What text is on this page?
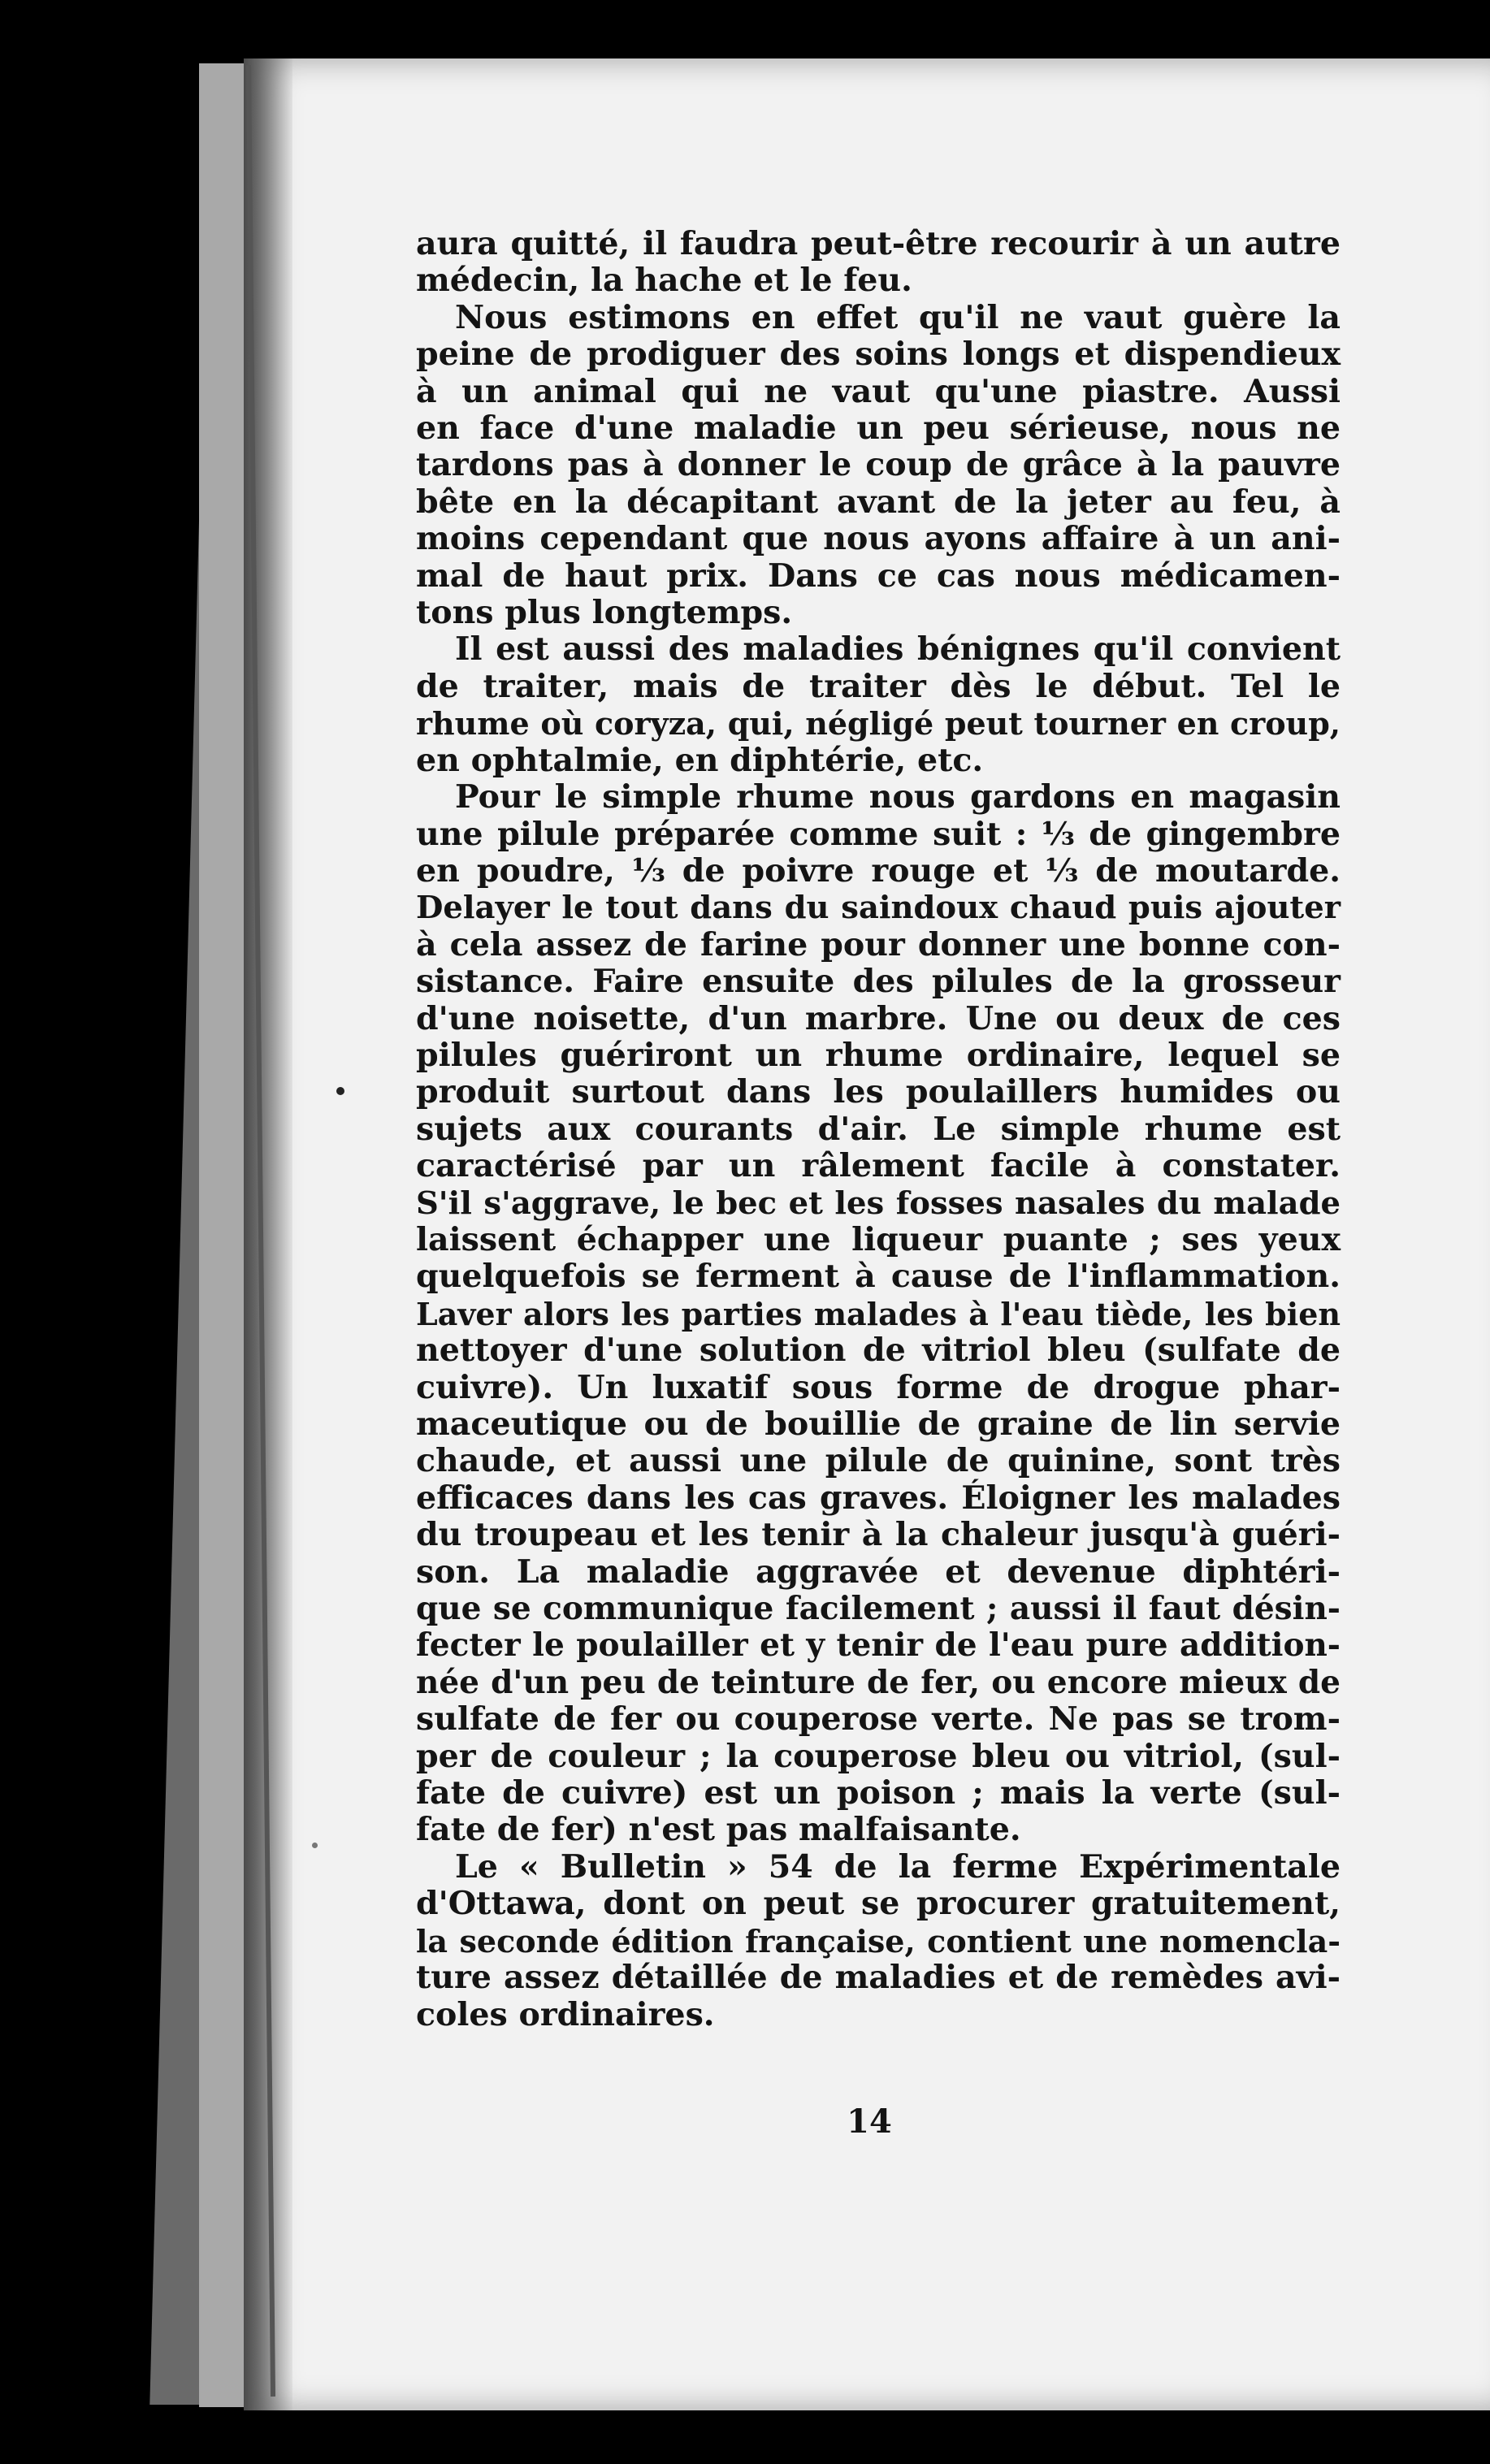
aura quitté, il faudra peut-être recourir à un autre
médecin, la hache et le feu.
Nous estimons en effet qu'il ne vaut guère la
peine de prodiguer des soins longs et dispendieux
à un animal qui ne vaut qu'une piastre. Aussi
en face d'une maladie un peu sérieuse, nous ne
tardons pas à donner le coup de grâce à la pauvre
bête en la décapitant avant de la jeter au feu, à
moins cependant que nous ayons affaire à un ani-
mal de haut prix. Dans ce cas nous médicamen-
tons plus longtemps.
Il est aussi des maladies bénignes qu'il convient
de traiter, mais de traiter dès le début. Tel le
rhume où coryza, qui, négligé peut tourner en croup,
en ophtalmie, en diphtérie, etc.
Pour le simple rhume nous gardons en magasin
une pilule préparée comme suit : ⅓ de gingembre
en poudre, ⅓ de poivre rouge et ⅓ de moutarde.
Delayer le tout dans du saindoux chaud puis ajouter
à cela assez de farine pour donner une bonne con-
sistance. Faire ensuite des pilules de la grosseur
d'une noisette, d'un marbre. Une ou deux de ces
pilules guériront un rhume ordinaire, lequel se
produit surtout dans les poulaillers humides ou
sujets aux courants d'air. Le simple rhume est
caractérisé par un râlement facile à constater.
S'il s'aggrave, le bec et les fosses nasales du malade
laissent échapper une liqueur puante ; ses yeux
quelquefois se ferment à cause de l'inflammation.
Laver alors les parties malades à l'eau tiède, les bien
nettoyer d'une solution de vitriol bleu (sulfate de
cuivre). Un luxatif sous forme de drogue phar-
maceutique ou de bouillie de graine de lin servie
chaude, et aussi une pilule de quinine, sont très
efficaces dans les cas graves. Éloigner les malades
du troupeau et les tenir à la chaleur jusqu'à guéri-
son. La maladie aggravée et devenue diphtéri-
que se communique facilement ; aussi il faut désin-
fecter le poulailler et y tenir de l'eau pure addition-
née d'un peu de teinture de fer, ou encore mieux de
sulfate de fer ou couperose verte. Ne pas se trom-
per de couleur ; la couperose bleu ou vitriol, (sul-
fate de cuivre) est un poison ; mais la verte (sul-
fate de fer) n'est pas malfaisante.
Le « Bulletin » 54 de la ferme Expérimentale
d'Ottawa, dont on peut se procurer gratuitement,
la seconde édition française, contient une nomencla-
ture assez détaillée de maladies et de remèdes avi-
coles ordinaires.
14
